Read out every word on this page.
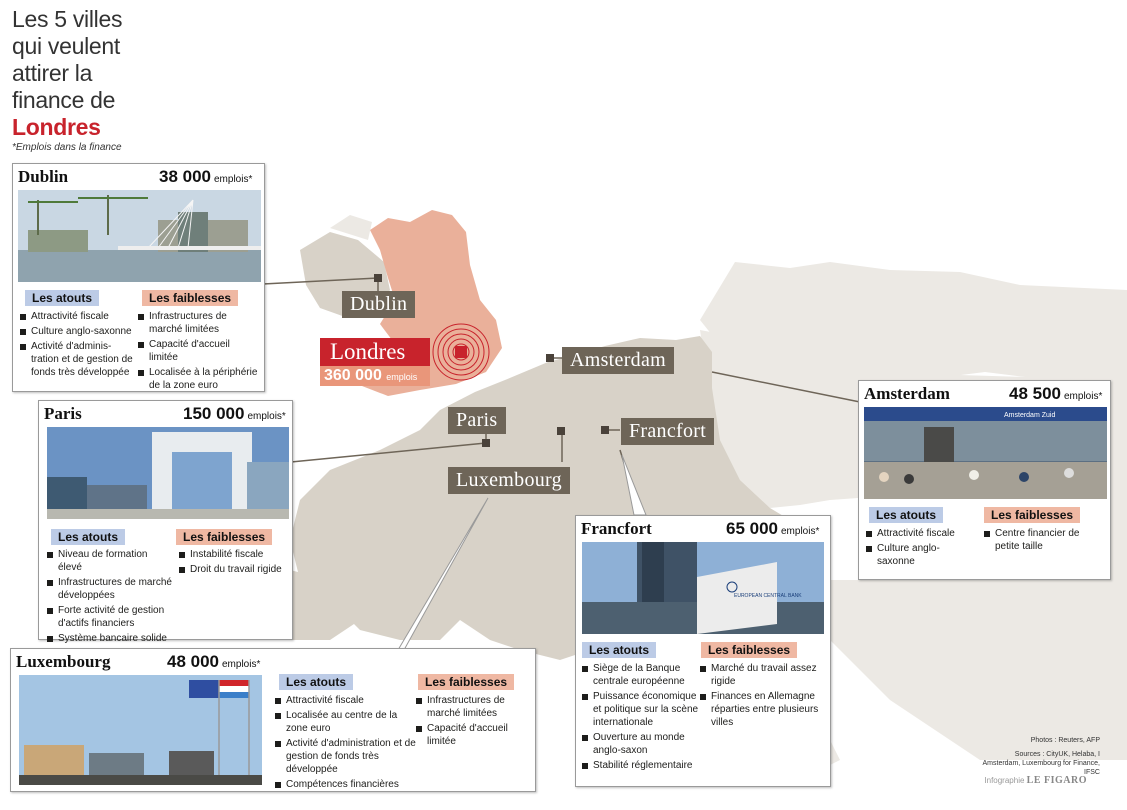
Les 5 villes
qui veulent
attirer la
finance de
Londres
*Emplois dans la finance
Dublin
Amsterdam
Paris	Francfort
Luxembourg
Londres
360 000 emplois
Dublin	38 000 emplois*
Les atouts	Les faiblesses
Attractivité fiscale
Culture anglo-saxonne
Activité d'administration et de gestion de fonds très développée
Infrastructures de marché limitées
Capacité d'accueil limitée
Localisée à la périphérie de la zone euro
Paris	150 000 emplois*
Les atouts	Les faiblesses
Niveau de formation élevé
Infrastructures de marché développées
Forte activité de gestion d'actifs financiers
Système bancaire solide
Instabilité fiscale
Droit du travail rigide
Luxembourg	48 000 emplois*
Les atouts	Les faiblesses
Attractivité fiscale
Localisée au centre de la zone euro
Activité d'administration et de gestion de fonds très développée
Compétences financières
Infrastructures de marché limitées
Capacité d'accueil limitée
Francfort	65 000 emplois*
EUROPEAN CENTRAL BANK
Les atouts	Les faiblesses
Siège de la Banque centrale européenne
Puissance économique et politique sur la scène internationale
Ouverture au monde anglo-saxon
Stabilité réglementaire
Marché du travail assez rigide
Finances en Allemagne réparties entre plusieurs villes
Amsterdam	48 500 emplois*
Amsterdam Zuid
Les atouts	Les faiblesses
Attractivité fiscale
Culture anglo-saxonne
Centre financier de petite taille
Photos : Reuters, AFP
Sources : CityUK, Helaba, I Amsterdam, Luxembourg for Finance, IFSC
Infographie LE FIGARO
